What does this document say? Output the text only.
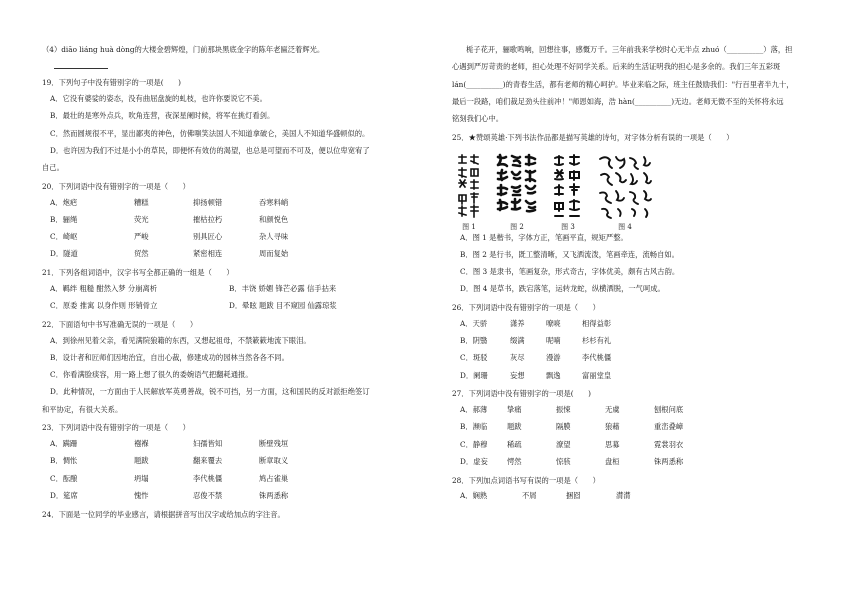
（4）diāo liáng huà dòng的大楼金碧辉煌，门前那块黑底金字的陈年老匾泛着辉光。

19．下列句子中没有错别字的一项是(　　)

A．它没有婆娑的姿态，没有曲屈盘旋的虬枝，也许你要说它不美。

B．最壮的是寒外点兵，吹角连营，夜深星阑时候，将军在挑灯看剑。

C．然而圆规很不平，显出鄙夷的神色，仿佛嗤笑法国人不知道拿破仑，美国人不知道华盛顿似的。

D．也许因为我们不过是小小的草民，即便怀有效仿的渴望，也总是可望而不可及，便以位卑宽宥了

自己。

20．下列词语中没有错别字的一项是（　　）

A．炮疤	糟糕	抑扬顿错	吞寒料峭
B．骊绳	荧光	摧枯拉朽	和颜悦色
C．崎岖	严峻	别具匠心	杂人寻味
D．隧道	贸然	紧密相连	周而复始

21．下列各组词语中，汉字书写全都正确的一组是（　　）

A．羁绊 粗糙 酣然入梦 分崩离析	B．丰饶 娇媚 锋芒必露 信手拈来
C．原委 推寓 以身作则 形销骨立	D．晕眩 题跋 目不窥园 仙露琼浆

22．下面语句中书写准确无误的一项是（　　）

A．到徐州见着父亲，看见满院狼籍的东西，又想起祖母，不禁簌簌地流下眼泪。

B．设计者和匠师们因地治宜，自出心裁，修建成功的园林当然各各不同。

C．你看满脸痰容，用一路上想了很久的委婉语气把翻耗通报。

D．此种情况，一方面由于人民解放军英勇善战，锐不可挡，另一方面，这和国民的反对派拒绝签订

和平协定，有很大关系。

23．下列词语中没有错别字的一项是（　　）

A．蹒跚	襁褓	妇孺皆知	断壁残垣
B．惆怅	题跋	翻来覆去	断章取义
C．酝酿	坍塌	李代桃僵	鸠占雀巢
D．筵席	愧怍	忍俊不禁	铢两悉称

24．下面是一位同学的毕业感言，请根据拼音写出汉字或给加点的字注音。

栀子花开，骊歌鸣响，回想往事，感慨万千。三年前我来学校时心无半点 zhuó（__________）落，担

心遇到严厉苛责的老师，担心处理不好同学关系。后来的生活证明我的担心是多余的。我们三年五彩斑

lán(__________)的青春生活，都有老师的精心呵护。毕业来临之际，班主任鼓励我们："行百里者半九十，

最后一段路，咱们裁足劲头往前冲！"师恩如海，浩 hàn(__________)无边。老师无微不至的关怀将永远

铭刻我们心中。

25．★赞颂英雄·下列书法作品都是描写英雄的诗句，对字体分析有误的一项是（　　）

图 1	图 2	图 3	图 4

A．图 1 是楷书，字体方正，笔画平直，规矩严整。

B．图 2 是行书，既工整清晰，又飞洒流泼，笔画牵连，流畅自如。

C．图 3 是隶书，笔画复杂，形式奇古，字体优美，颇有古风古韵。

D．图 4 是草书，跌宕落笔，运转龙蛇，纵横洒脱，一气呵成。

26．下列词语中没有错别字的一项是（　　）

A．天骄	潇养	嘹喨	相得益彰
B．阴翳	缀满	呢喃	杉杉有礼
C．斑驳	灰尽	漫游	李代桃僵
D．阑珊	妄想	飘逸	富丽堂皇

27．下列词语中没有错别字的一项是(　　)

A．郝薄	挚痛	振悚	无虞	刨根问底
B．濒临	题跋	隔膜	狼藉	重峦叠嶂
C．静穆	稀疏	潦望	思募	霓裳羽衣
D．虚妄	愕然	惊骇	盘桓	铢两悉称

28．下列加点词语书写有误的一项是（　　）

A．娴熟	不屑	捆囵	潸潸
